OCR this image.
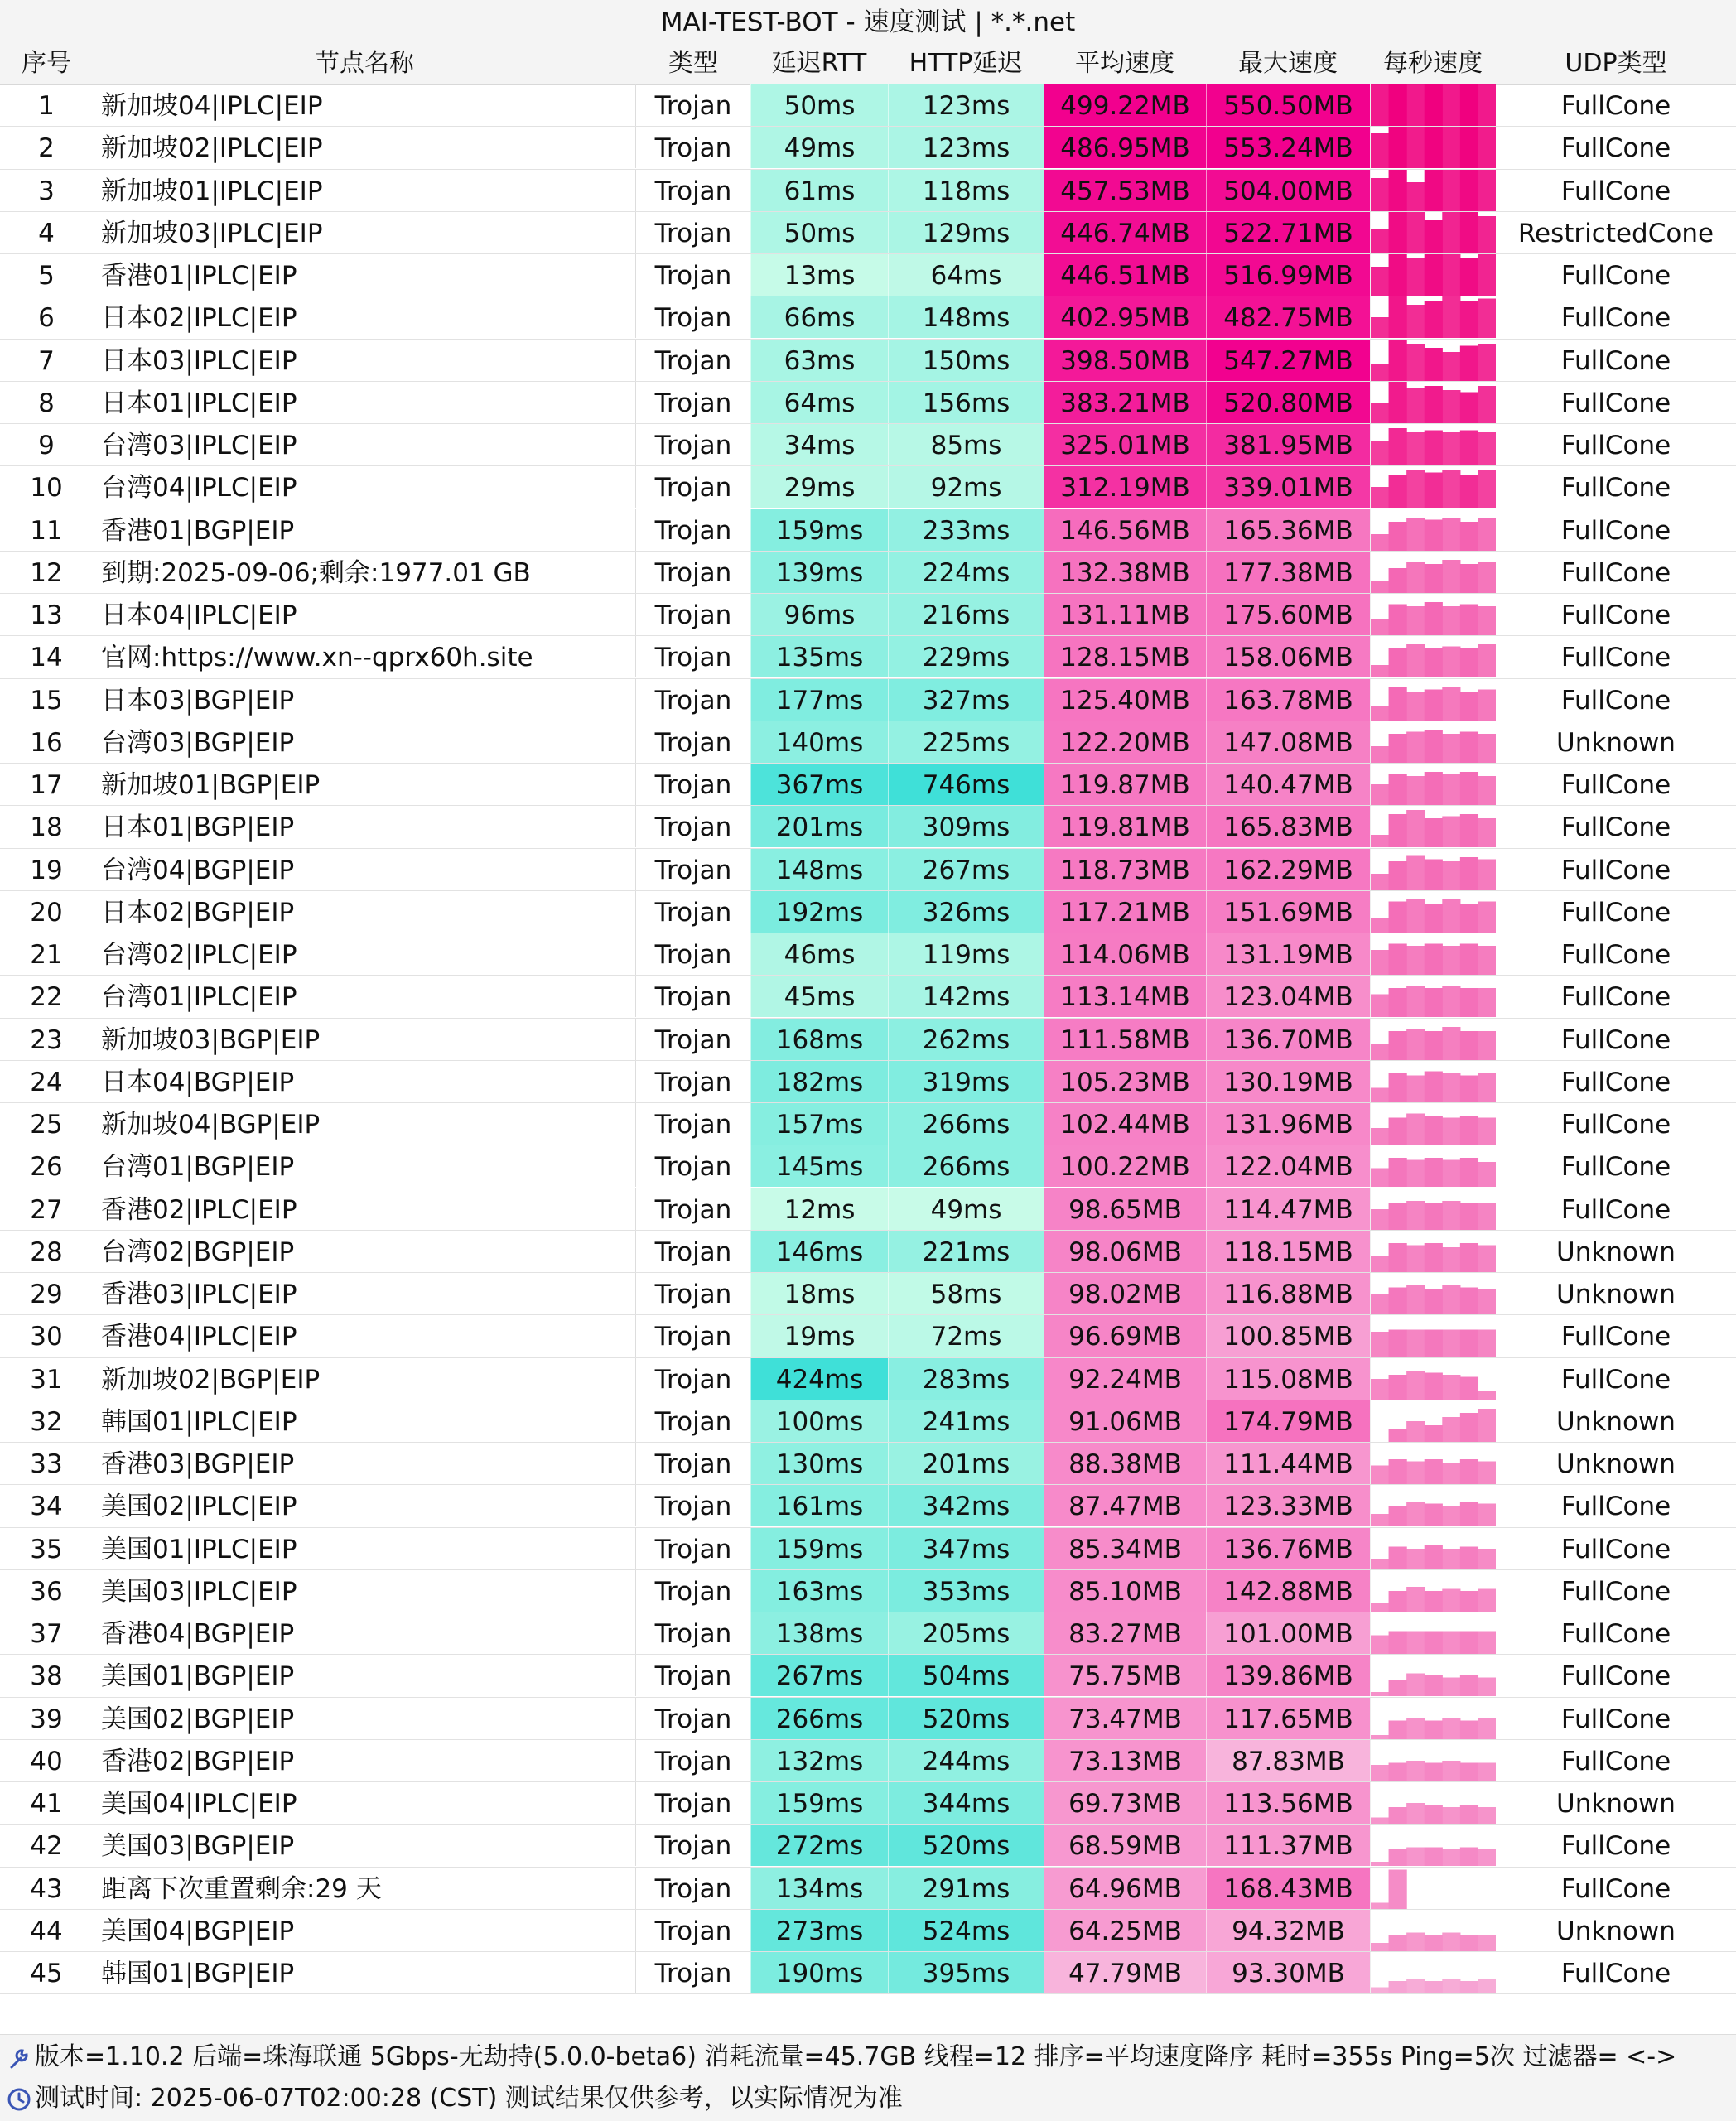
MAI-TEST-BOT - 速度测试 | *.*.net
序号	节点名称	类型	延迟RTT	HTTP延迟	平均速度	最大速度	每秒速度	UDP类型
1	新加坡04|IPLC|EIP	Trojan	50ms	123ms	499.22MB	550.50MB	FullCone
2	新加坡02|IPLC|EIP	Trojan	49ms	123ms	486.95MB	553.24MB	FullCone
3	新加坡01|IPLC|EIP	Trojan	61ms	118ms	457.53MB	504.00MB	FullCone
4	新加坡03|IPLC|EIP	Trojan	50ms	129ms	446.74MB	522.71MB	RestrictedCone
5	香港01|IPLC|EIP	Trojan	13ms	64ms	446.51MB	516.99MB	FullCone
6	日本02|IPLC|EIP	Trojan	66ms	148ms	402.95MB	482.75MB	FullCone
7	日本03|IPLC|EIP	Trojan	63ms	150ms	398.50MB	547.27MB	FullCone
8	日本01|IPLC|EIP	Trojan	64ms	156ms	383.21MB	520.80MB	FullCone
9	台湾03|IPLC|EIP	Trojan	34ms	85ms	325.01MB	381.95MB	FullCone
10	台湾04|IPLC|EIP	Trojan	29ms	92ms	312.19MB	339.01MB	FullCone
11	香港01|BGP|EIP	Trojan	159ms	233ms	146.56MB	165.36MB	FullCone
12	到期:2025-09-06;剩余:1977.01 GB	Trojan	139ms	224ms	132.38MB	177.38MB	FullCone
13	日本04|IPLC|EIP	Trojan	96ms	216ms	131.11MB	175.60MB	FullCone
14	官网:https://www.xn--qprx60h.site	Trojan	135ms	229ms	128.15MB	158.06MB	FullCone
15	日本03|BGP|EIP	Trojan	177ms	327ms	125.40MB	163.78MB	FullCone
16	台湾03|BGP|EIP	Trojan	140ms	225ms	122.20MB	147.08MB	Unknown
17	新加坡01|BGP|EIP	Trojan	367ms	746ms	119.87MB	140.47MB	FullCone
18	日本01|BGP|EIP	Trojan	201ms	309ms	119.81MB	165.83MB	FullCone
19	台湾04|BGP|EIP	Trojan	148ms	267ms	118.73MB	162.29MB	FullCone
20	日本02|BGP|EIP	Trojan	192ms	326ms	117.21MB	151.69MB	FullCone
21	台湾02|IPLC|EIP	Trojan	46ms	119ms	114.06MB	131.19MB	FullCone
22	台湾01|IPLC|EIP	Trojan	45ms	142ms	113.14MB	123.04MB	FullCone
23	新加坡03|BGP|EIP	Trojan	168ms	262ms	111.58MB	136.70MB	FullCone
24	日本04|BGP|EIP	Trojan	182ms	319ms	105.23MB	130.19MB	FullCone
25	新加坡04|BGP|EIP	Trojan	157ms	266ms	102.44MB	131.96MB	FullCone
26	台湾01|BGP|EIP	Trojan	145ms	266ms	100.22MB	122.04MB	FullCone
27	香港02|IPLC|EIP	Trojan	12ms	49ms	98.65MB	114.47MB	FullCone
28	台湾02|BGP|EIP	Trojan	146ms	221ms	98.06MB	118.15MB	Unknown
29	香港03|IPLC|EIP	Trojan	18ms	58ms	98.02MB	116.88MB	Unknown
30	香港04|IPLC|EIP	Trojan	19ms	72ms	96.69MB	100.85MB	FullCone
31	新加坡02|BGP|EIP	Trojan	424ms	283ms	92.24MB	115.08MB	FullCone
32	韩国01|IPLC|EIP	Trojan	100ms	241ms	91.06MB	174.79MB	Unknown
33	香港03|BGP|EIP	Trojan	130ms	201ms	88.38MB	111.44MB	Unknown
34	美国02|IPLC|EIP	Trojan	161ms	342ms	87.47MB	123.33MB	FullCone
35	美国01|IPLC|EIP	Trojan	159ms	347ms	85.34MB	136.76MB	FullCone
36	美国03|IPLC|EIP	Trojan	163ms	353ms	85.10MB	142.88MB	FullCone
37	香港04|BGP|EIP	Trojan	138ms	205ms	83.27MB	101.00MB	FullCone
38	美国01|BGP|EIP	Trojan	267ms	504ms	75.75MB	139.86MB	FullCone
39	美国02|BGP|EIP	Trojan	266ms	520ms	73.47MB	117.65MB	FullCone
40	香港02|BGP|EIP	Trojan	132ms	244ms	73.13MB	87.83MB	FullCone
41	美国04|IPLC|EIP	Trojan	159ms	344ms	69.73MB	113.56MB	Unknown
42	美国03|BGP|EIP	Trojan	272ms	520ms	68.59MB	111.37MB	FullCone
43	距离下次重置剩余:29 天	Trojan	134ms	291ms	64.96MB	168.43MB	FullCone
44	美国04|BGP|EIP	Trojan	273ms	524ms	64.25MB	94.32MB	Unknown
45	韩国01|BGP|EIP	Trojan	190ms	395ms	47.79MB	93.30MB	FullCone
版本=1.10.2 后端=珠海联通 5Gbps-无劫持(5.0.0-beta6) 消耗流量=45.7GB 线程=12 排序=平均速度降序 耗时=355s Ping=5次 过滤器= <->
测试时间: 2025-06-07T02:00:28 (CST) 测试结果仅供参考，以实际情况为准
